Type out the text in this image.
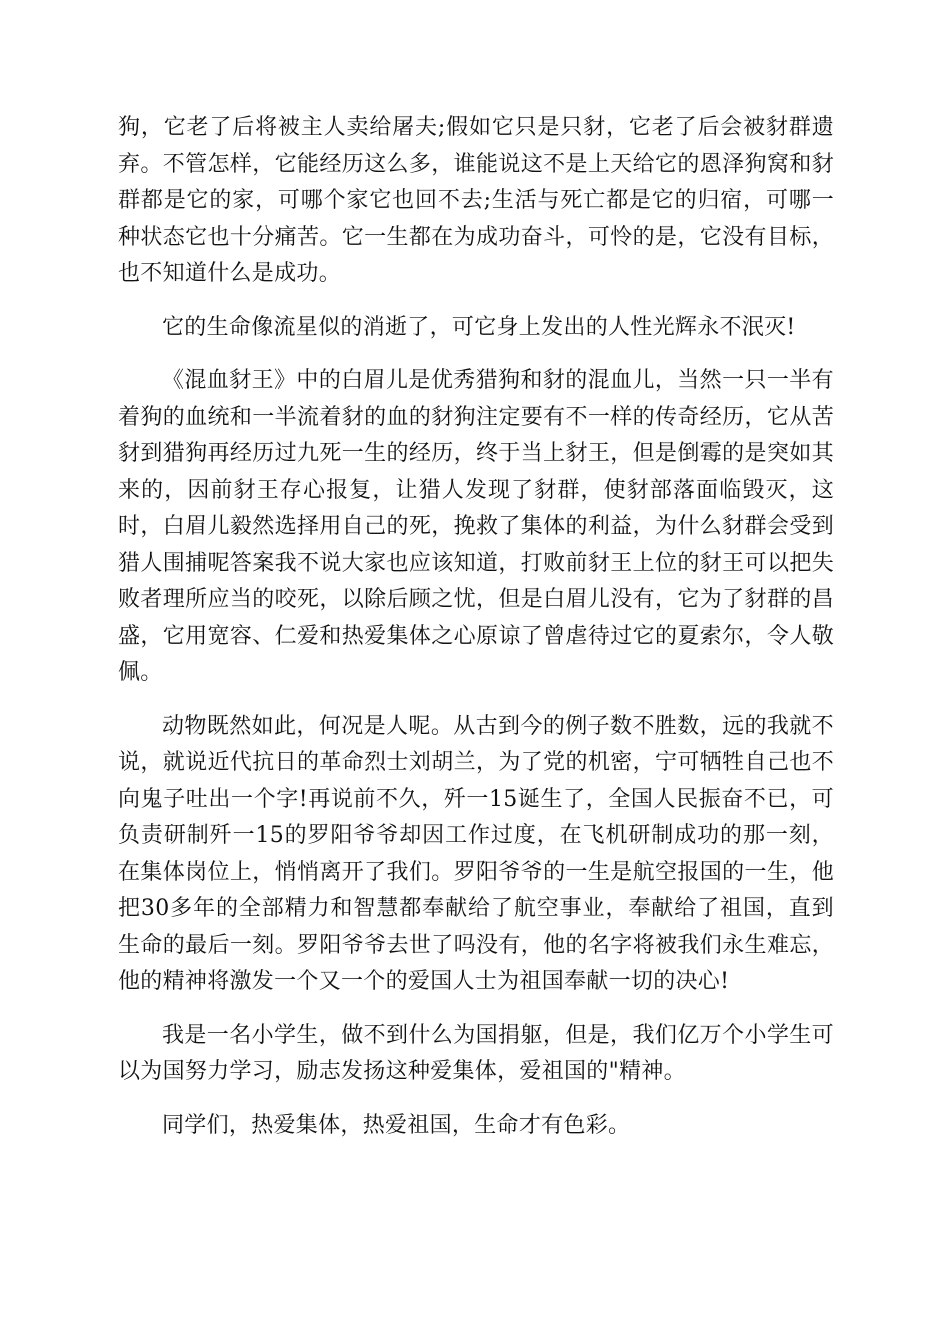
狗，它老了后将被主人卖给屠夫;假如它只是只豺，它老了后会被豺群遗弃。不管怎样，它能经历这么多，谁能说这不是上天给它的恩泽狗窝和豺群都是它的家，可哪个家它也回不去;生活与死亡都是它的归宿，可哪一种状态它也十分痛苦。它一生都在为成功奋斗，可怜的是，它没有目标，也不知道什么是成功。

它的生命像流星似的消逝了，可它身上发出的人性光辉永不泯灭!

《混血豺王》中的白眉儿是优秀猎狗和豺的混血儿，当然一只一半有着狗的血统和一半流着豺的血的豺狗注定要有不一样的传奇经历，它从苦豺到猎狗再经历过九死一生的经历，终于当上豺王，但是倒霉的是突如其来的，因前豺王存心报复，让猎人发现了豺群，使豺部落面临毁灭，这时，白眉儿毅然选择用自己的死，挽救了集体的利益，为什么豺群会受到猎人围捕呢答案我不说大家也应该知道，打败前豺王上位的豺王可以把失败者理所应当的咬死，以除后顾之忧，但是白眉儿没有，它为了豺群的昌盛，它用宽容、仁爱和热爱集体之心原谅了曾虐待过它的夏索尔，令人敬佩。

动物既然如此，何况是人呢。从古到今的例子数不胜数，远的我就不说，就说近代抗日的革命烈士刘胡兰，为了党的机密，宁可牺牲自己也不向鬼子吐出一个字!再说前不久，歼一15诞生了，全国人民振奋不已，可负责研制歼一15的罗阳爷爷却因工作过度，在飞机研制成功的那一刻，在集体岗位上，悄悄离开了我们。罗阳爷爷的一生是航空报国的一生，他把30多年的全部精力和智慧都奉献给了航空事业，奉献给了祖国，直到生命的最后一刻。罗阳爷爷去世了吗没有，他的名字将被我们永生难忘，他的精神将激发一个又一个的爱国人士为祖国奉献一切的决心!

我是一名小学生，做不到什么为国捐躯，但是，我们亿万个小学生可以为国努力学习，励志发扬这种爱集体，爱祖国的"精神。

同学们，热爱集体，热爱祖国，生命才有色彩。
